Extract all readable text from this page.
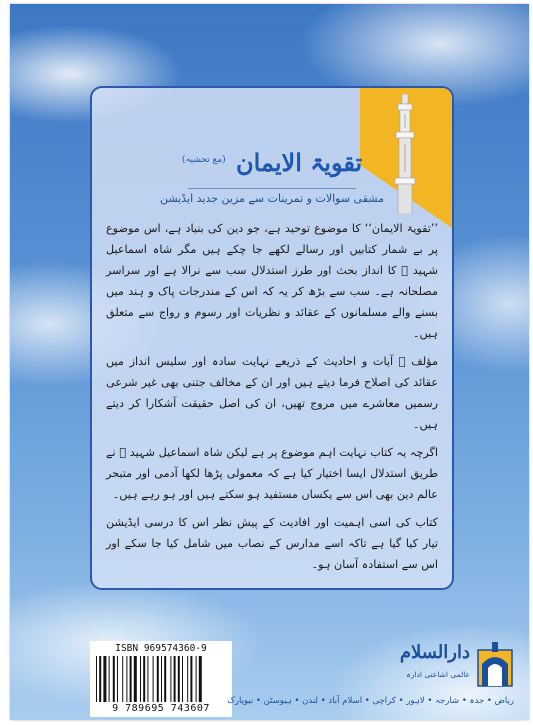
$^{(مع تحشیہ)}$ تقویۃ الایمان
مشقی سوالات و تمرینات سے مزین جدید ایڈیشن

’’تقویۃ الایمان‘‘ کا موضوع توحید ہے، جو دین کی بنیاد ہے، اس موضوع پر بے شمار کتابیں اور رسالے لکھے جا چکے ہیں مگر شاہ اسماعیل شہید ﷫ کا انداز بحث اور طرز استدلال سب سے نرالا ہے اور سراسر مصلحانہ ہے۔ سب سے بڑھ کر یہ کہ اس کے مندرجات پاک و ہند میں بسنے والے مسلمانوں کے عقائد و نظریات اور رسوم و رواج سے متعلق ہیں۔

مؤلف ﷫ آیات و احادیث کے ذریعے نہایت سادہ اور سلیس انداز میں عقائد کی اصلاح فرما دیتے ہیں اور ان کے مخالف جتنی بھی غیر شرعی رسمیں معاشرے میں مروج تھیں، ان کی اصل حقیقت آشکارا کر دیتے ہیں۔

اگرچہ یہ کتاب نہایت اہم موضوع پر ہے لیکن شاہ اسماعیل شہید ﷫ نے طریق استدلال ایسا اختیار کیا ہے کہ معمولی پڑھا لکھا آدمی اور متبحر عالم دین بھی اس سے یکساں مستفید ہو سکتے ہیں اور ہو رہے ہیں۔

کتاب کی اسی اہمیت اور افادیت کے پیش نظر اس کا درسی ایڈیشن تیار کیا گیا ہے تاکہ اسے مدارس کے نصاب میں شامل کیا جا سکے اور اس سے استفادہ آسان ہو۔

ISBN 969574360-9
9 789695 743607
دارالسلام
عالمی اشاعتی ادارہ
ریاض • جدہ • شارجہ • لاہور • کراچی • اسلام آباد • لندن • ہیوسٹن • نیویارک
